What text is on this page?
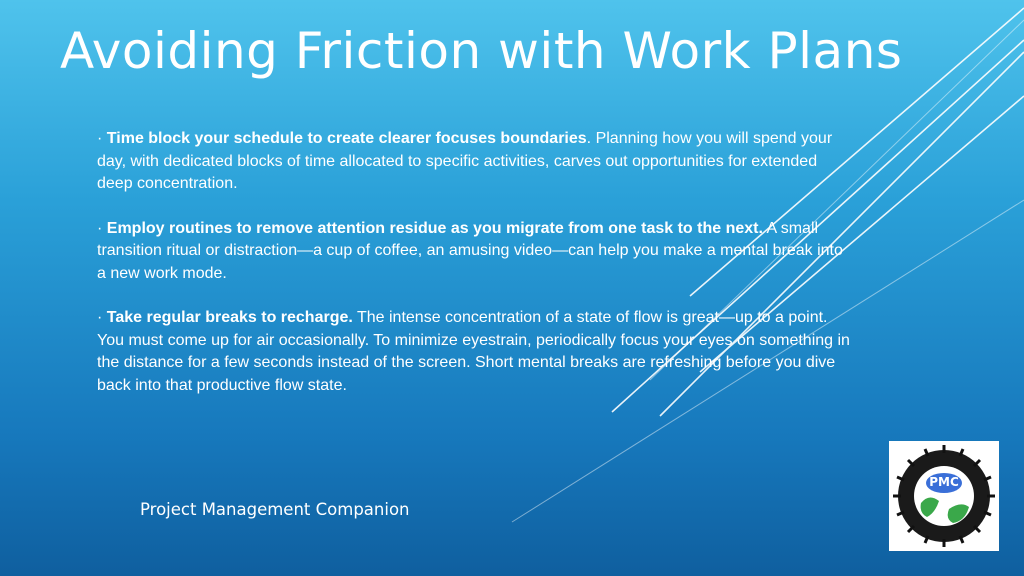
Avoiding Friction with Work Plans

· Time block your schedule to create clearer focuses boundaries. Planning how you will spend your day, with dedicated blocks of time allocated to specific activities, carves out opportunities for extended deep concentration.

· Employ routines to remove attention residue as you migrate from one task to the next. A small transition ritual or distraction—a cup of coffee, an amusing video—can help you make a mental break into a new work mode.

· Take regular breaks to recharge. The intense concentration of a state of flow is great—up to a point. You must come up for air occasionally. To minimize eyestrain, periodically focus your eyes on something in the distance for a few seconds instead of the screen. Short mental breaks are refreshing before you dive back into that productive flow state.

Project Management Companion
PMC
